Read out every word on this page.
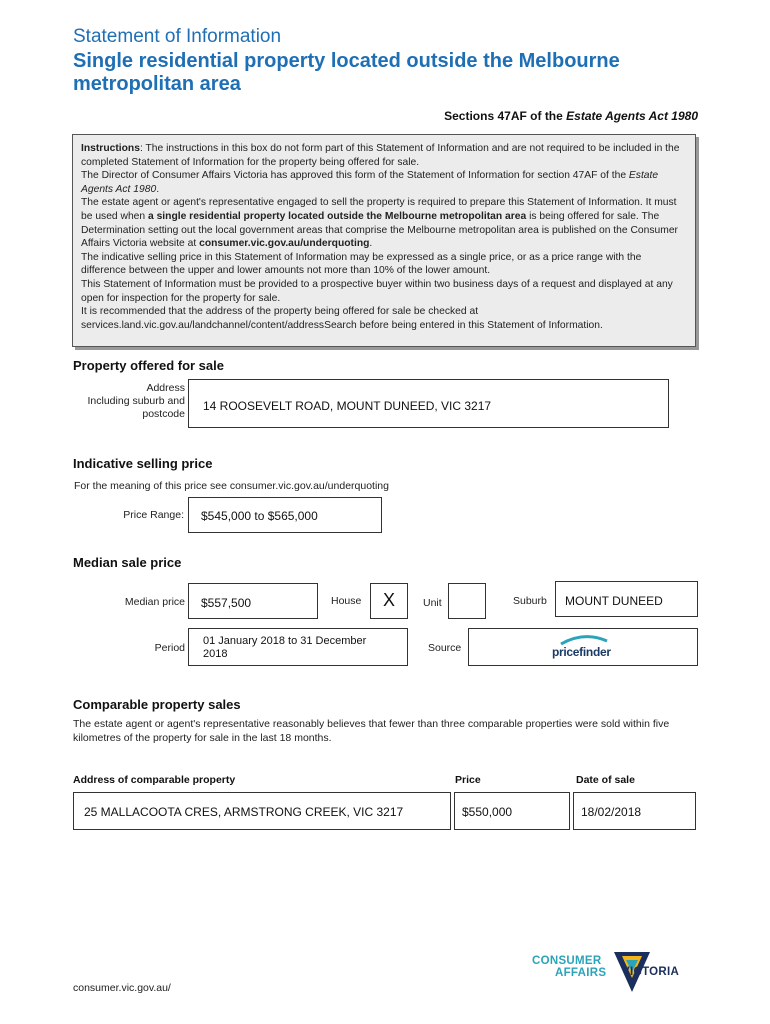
Statement of Information
Single residential property located outside the Melbourne metropolitan area
Sections 47AF of the Estate Agents Act 1980

Instructions: The instructions in this box do not form part of this Statement of Information and are not required to be included in the completed Statement of Information for the property being offered for sale.

The Director of Consumer Affairs Victoria has approved this form of the Statement of Information for section 47AF of the Estate Agents Act 1980.

The estate agent or agent's representative engaged to sell the property is required to prepare this Statement of Information. It must be used when a single residential property located outside the Melbourne metropolitan area is being offered for sale. The Determination setting out the local government areas that comprise the Melbourne metropolitan area is published on the Consumer Affairs Victoria website at consumer.vic.gov.au/underquoting.

The indicative selling price in this Statement of Information may be expressed as a single price, or as a price range with the difference between the upper and lower amounts not more than 10% of the lower amount.

This Statement of Information must be provided to a prospective buyer within two business days of a request and displayed at any open for inspection for the property for sale.

It is recommended that the address of the property being offered for sale be checked at services.land.vic.gov.au/landchannel/content/addressSearch before being entered in this Statement of Information.

Property offered for sale
Address
Including suburb and
postcode
14 ROOSEVELT ROAD, MOUNT DUNEED, VIC 3217
Indicative selling price
For the meaning of this price see consumer.vic.gov.au/underquoting
Price Range: $545,000 to $565,000
Median sale price
Median price $557,500	House X	Unit	Suburb MOUNT DUNEED
Period
01 January 2018 to 31 December 2018	Source	pricefinder
Comparable property sales
The estate agent or agent's representative reasonably believes that fewer than three comparable properties were sold within five kilometres of the property for sale in the last 18 months.
Address of comparable property	Price	Date of sale
25 MALLACOOTA CRES, ARMSTRONG CREEK, VIC 3217	$550,000	18/02/2018
consumer.vic.gov.au/
CONSUMER
AFFAIRS VICTORIA
